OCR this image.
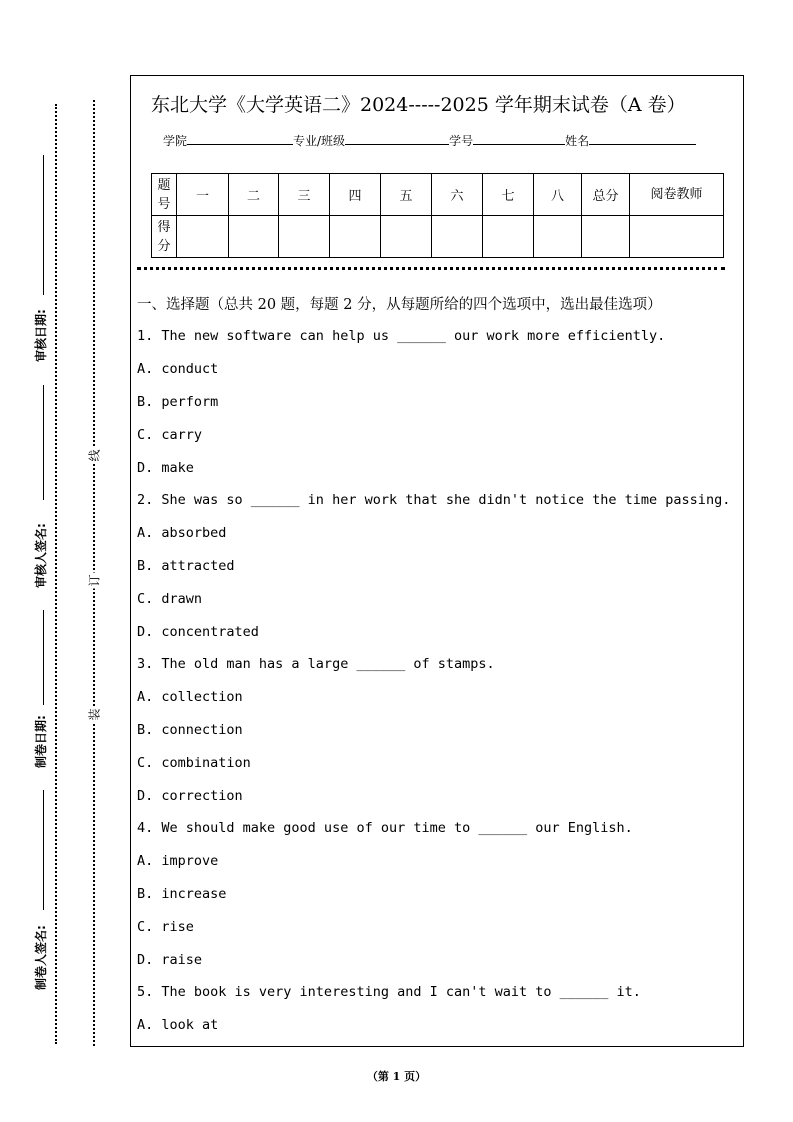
审核日期:
审核人签名:
制卷日期:
制卷人签名:
线
订
装
东北大学《大学英语二》2024-----2025 学年期末试卷（A 卷）
学院	专业/班级	学号	姓名
题号	一	二	三	四	五	六	七	八	总分	阅卷教师
得分										
一、选择题（总共 20 题，每题 2 分，从每题所给的四个选项中，选出最佳选项）
1. The new software can help us ______ our work more efficiently.
A. conduct
B. perform
C. carry
D. make
2. She was so ______ in her work that she didn't notice the time passing.
A. absorbed
B. attracted
C. drawn
D. concentrated
3. The old man has a large ______ of stamps.
A. collection
B. connection
C. combination
D. correction
4. We should make good use of our time to ______ our English.
A. improve
B. increase
C. rise
D. raise
5. The book is very interesting and I can't wait to ______ it.
A. look at
（第 1 页）
